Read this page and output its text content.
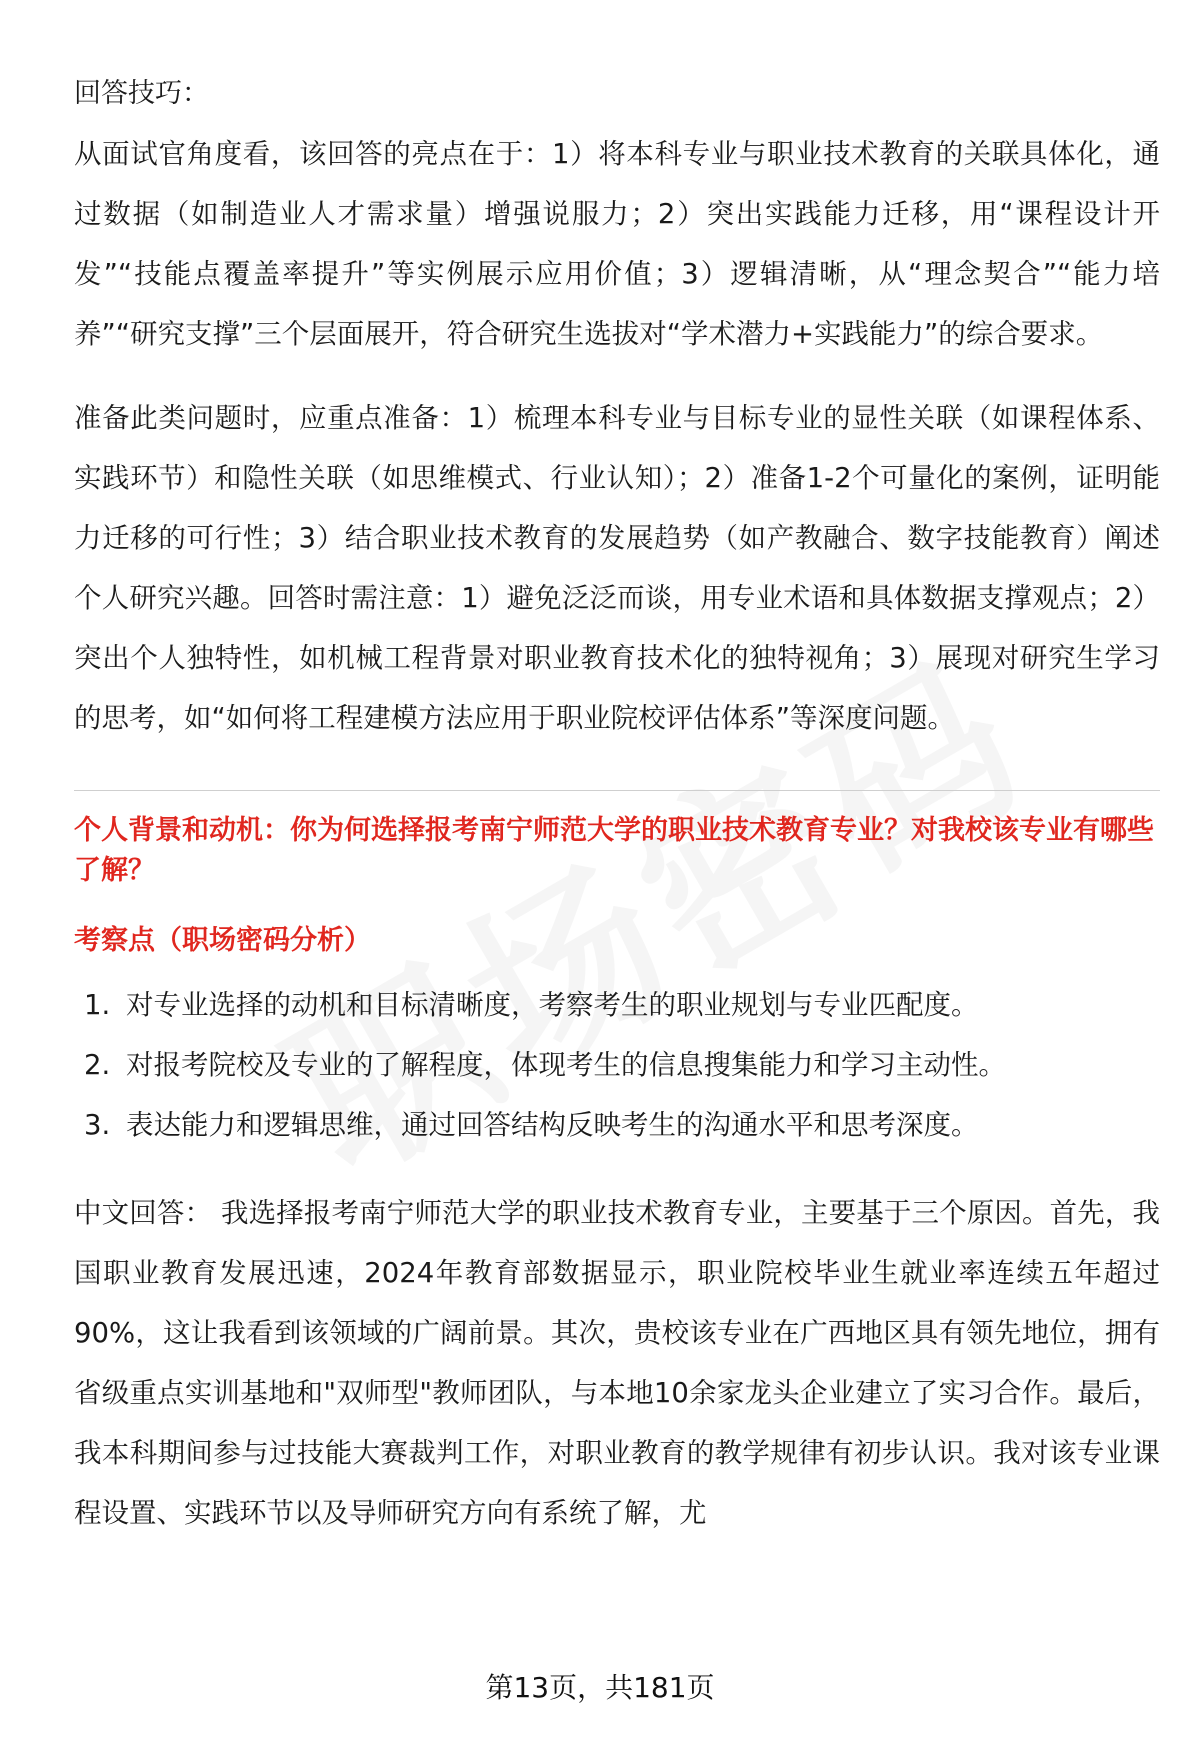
回答技巧：

从面试官角度看，该回答的亮点在于：1）将本科专业与职业技术教育的关联具体化，通过数据（如制造业人才需求量）增强说服力；2）突出实践能力迁移，用“课程设计开发”“技能点覆盖率提升”等实例展示应用价值；3）逻辑清晰，从“理念契合”“能力培养”“研究支撑”三个层面展开，符合研究生选拔对“学术潜力+实践能力”的综合要求。

准备此类问题时，应重点准备：1）梳理本科专业与目标专业的显性关联（如课程体系、实践环节）和隐性关联（如思维模式、行业认知）；2）准备1-2个可量化的案例，证明能力迁移的可行性；3）结合职业技术教育的发展趋势（如产教融合、数字技能教育）阐述个人研究兴趣。回答时需注意：1）避免泛泛而谈，用专业术语和具体数据支撑观点；2）突出个人独特性，如机械工程背景对职业教育技术化的独特视角；3）展现对研究生学习的思考，如“如何将工程建模方法应用于职业院校评估体系”等深度问题。

个人背景和动机：你为何选择报考南宁师范大学的职业技术教育专业？对我校该专业有哪些了解？

考察点（职场密码分析）

1. 对专业选择的动机和目标清晰度，考察考生的职业规划与专业匹配度。
2. 对报考院校及专业的了解程度，体现考生的信息搜集能力和学习主动性。
3. 表达能力和逻辑思维，通过回答结构反映考生的沟通水平和思考深度。

中文回答： 我选择报考南宁师范大学的职业技术教育专业，主要基于三个原因。首先，我国职业教育发展迅速，2024年教育部数据显示，职业院校毕业生就业率连续五年超过90%，这让我看到该领域的广阔前景。其次，贵校该专业在广西地区具有领先地位，拥有省级重点实训基地和"双师型"教师团队，与本地10余家龙头企业建立了实习合作。最后，我本科期间参与过技能大赛裁判工作，对职业教育的教学规律有初步认识。我对该专业课程设置、实践环节以及导师研究方向有系统了解，尤

第13页，共181页
